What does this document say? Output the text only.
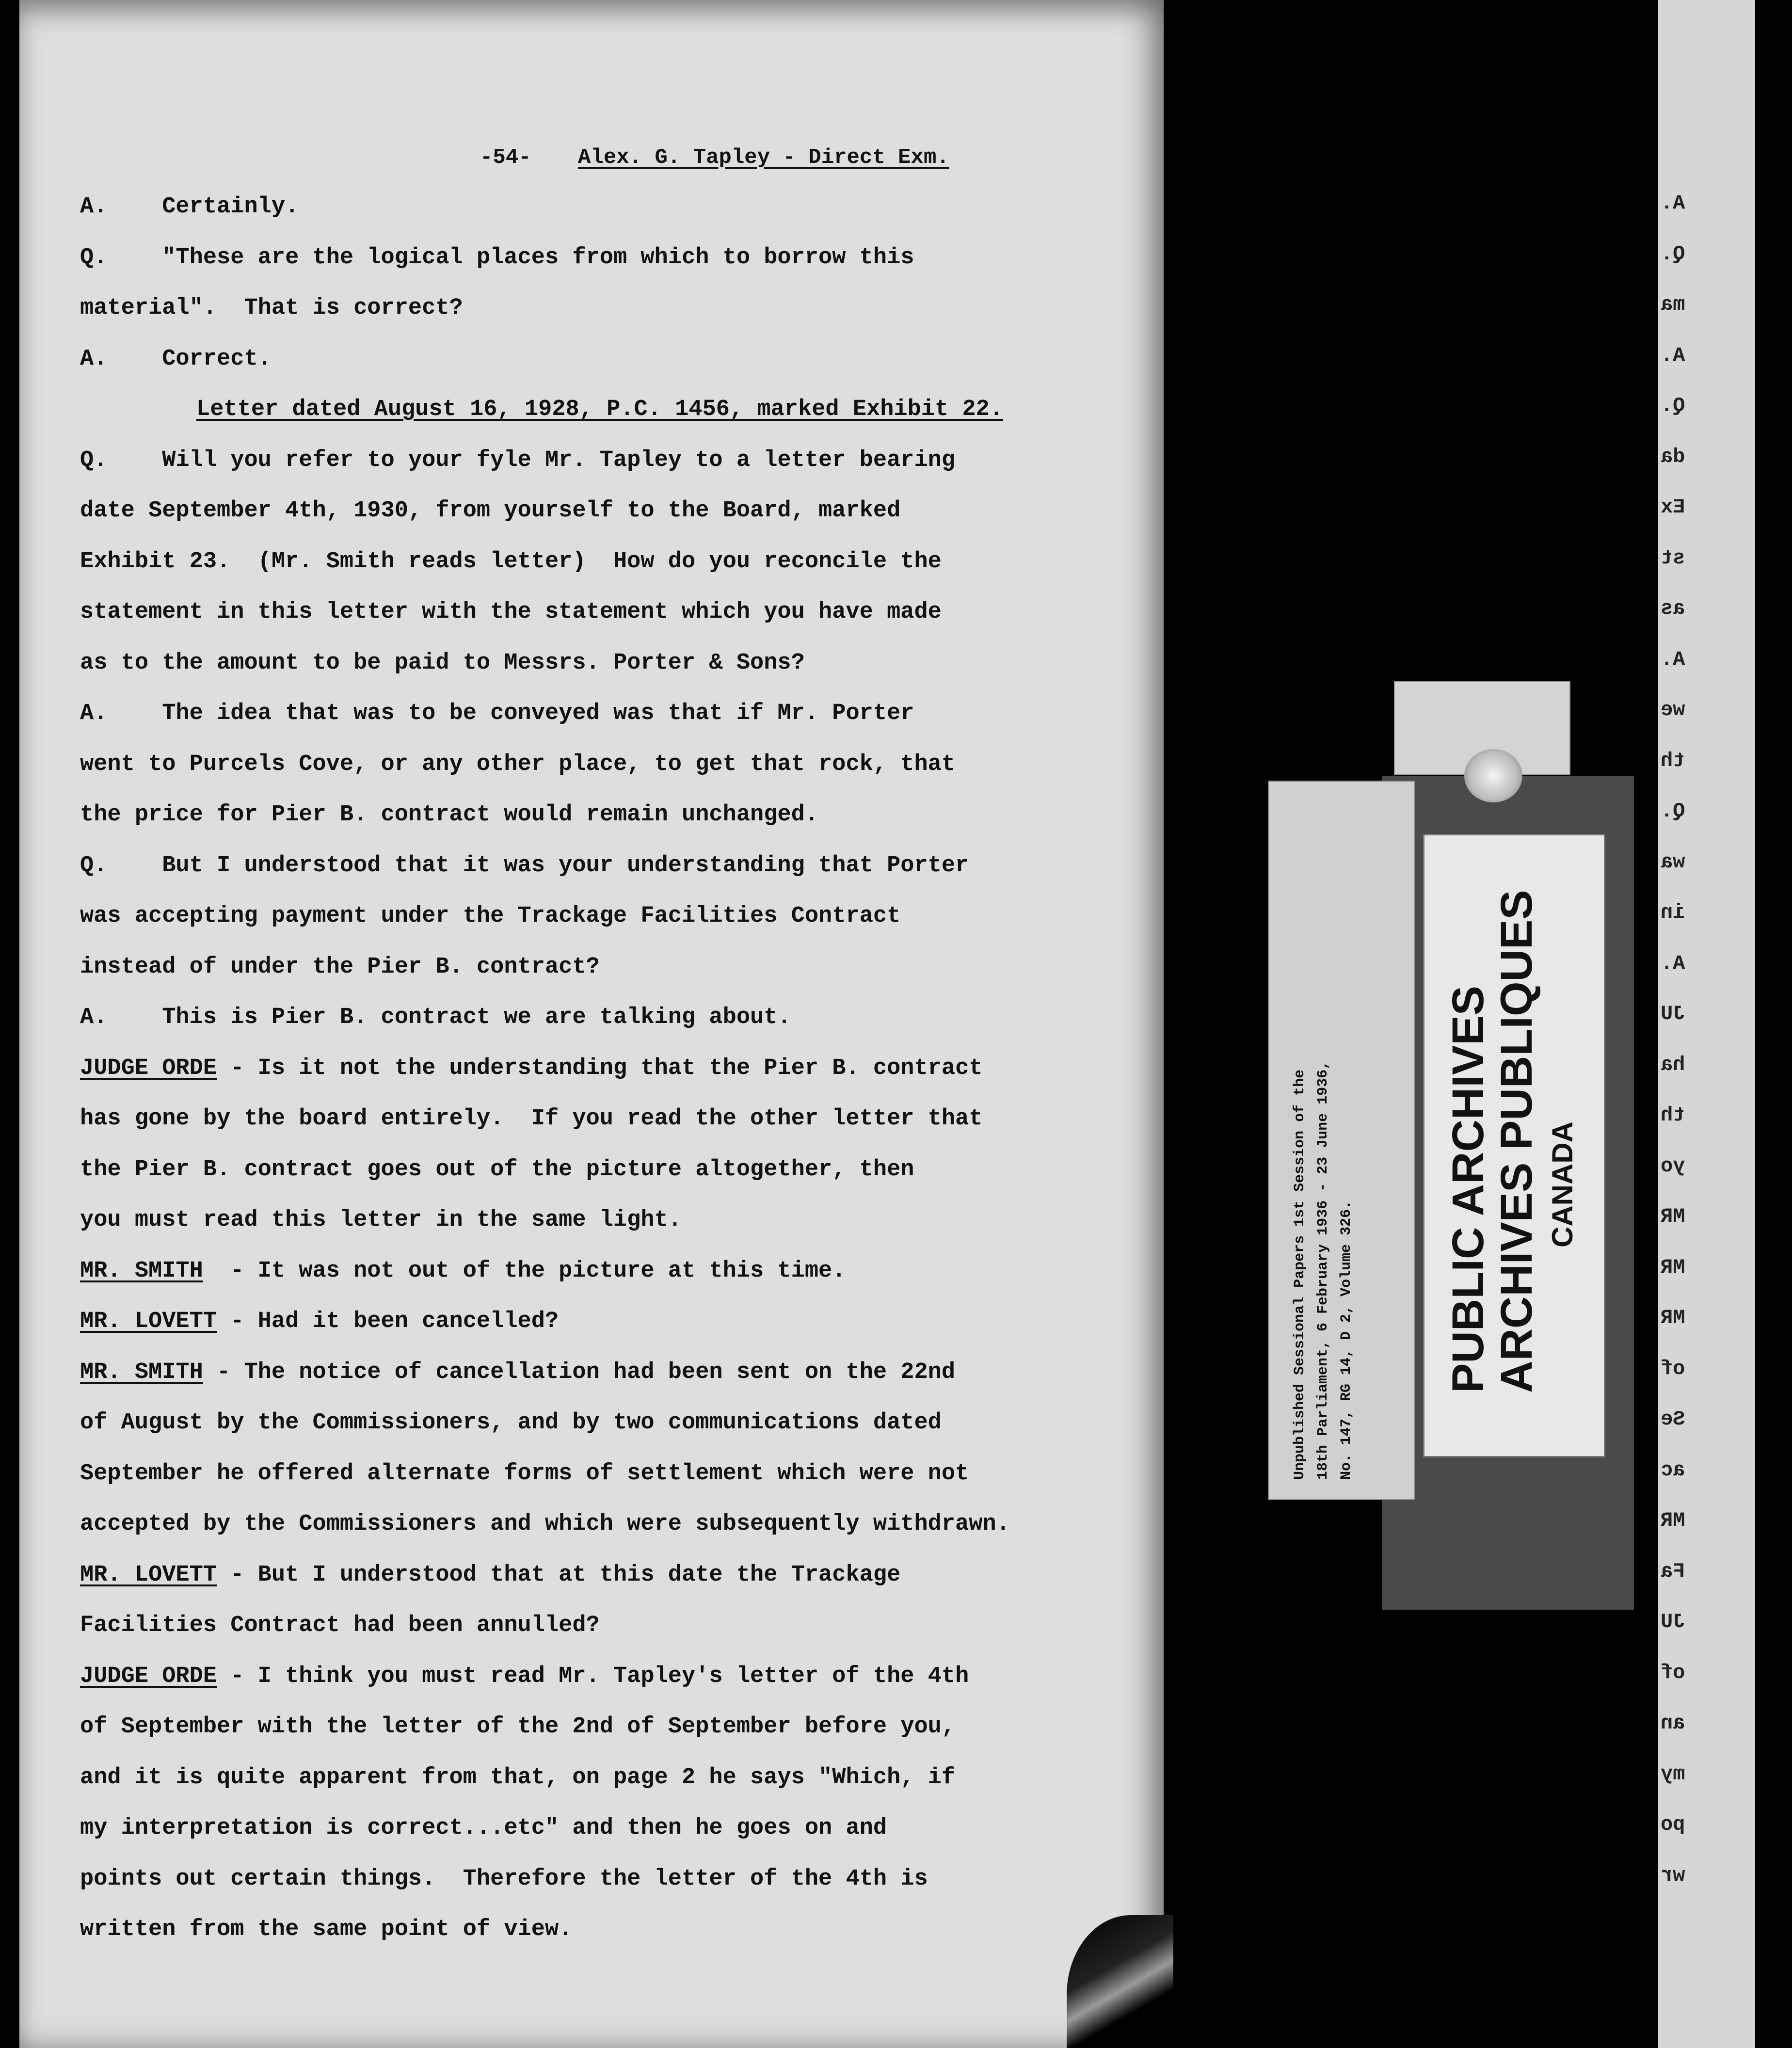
-54- Alex. G. Tapley - Direct Exm.
A.    Certainly.
Q.    "These are the logical places from which to borrow this
material".  That is correct?
A.    Correct.
Letter dated August 16, 1928, P.C. 1456, marked Exhibit 22.
Q.    Will you refer to your fyle Mr. Tapley to a letter bearing
date September 4th, 1930, from yourself to the Board, marked
Exhibit 23.  (Mr. Smith reads letter)  How do you reconcile the
statement in this letter with the statement which you have made
as to the amount to be paid to Messrs. Porter & Sons?
A.    The idea that was to be conveyed was that if Mr. Porter
went to Purcels Cove, or any other place, to get that rock, that
the price for Pier B. contract would remain unchanged.
Q.    But I understood that it was your understanding that Porter
was accepting payment under the Trackage Facilities Contract
instead of under the Pier B. contract?
A.    This is Pier B. contract we are talking about.
JUDGE ORDE - Is it not the understanding that the Pier B. contract
has gone by the board entirely.  If you read the other letter that
the Pier B. contract goes out of the picture altogether, then
you must read this letter in the same light.
MR. SMITH  - It was not out of the picture at this time.
MR. LOVETT - Had it been cancelled?
MR. SMITH - The notice of cancellation had been sent on the 22nd
of August by the Commissioners, and by two communications dated
September he offered alternate forms of settlement which were not
accepted by the Commissioners and which were subsequently withdrawn.
MR. LOVETT - But I understood that at this date the Trackage
Facilities Contract had been annulled?
JUDGE ORDE - I think you must read Mr. Tapley's letter of the 4th
of September with the letter of the 2nd of September before you,
and it is quite apparent from that, on page 2 he says "Which, if
my interpretation is correct...etc" and then he goes on and
points out certain things.  Therefore the letter of the 4th is
written from the same point of view.
A.
Q.
ma
A.
Q.
da
Ex
st
as
A.
we
th
Q.
wa
in
A.
JU
ha
th
yo
MR
MR
MR
of
Se
ac
MR
Fa
JU
of
an
my
po
wr
Unpublished Sessional Papers 1st Session of the 18th Parliament, 6 February 1936 - 23 June 1936, No. 147, RG 14, D 2, Volume 326. PUBLIC ARCHIVES
ARCHIVES PUBLIQUES CANADA
